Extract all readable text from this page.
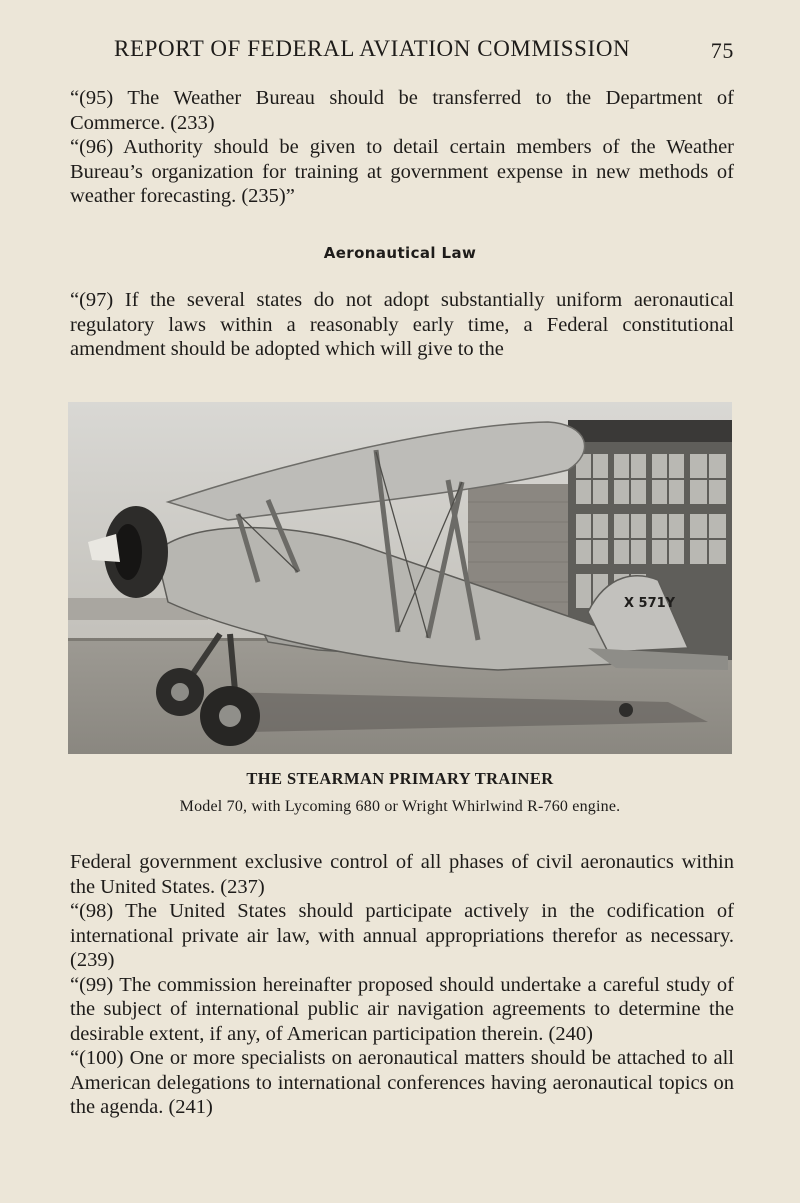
REPORT OF FEDERAL AVIATION COMMISSION	75

“(95) The Weather Bureau should be transferred to the Department of Commerce. (233)

“(96) Authority should be given to detail certain members of the Weather Bureau’s organization for training at government expense in new methods of weather forecasting. (235)”

Aeronautical Law

“(97) If the several states do not adopt substantially uniform aeronautical regulatory laws within a reasonably early time, a Federal constitutional amendment should be adopted which will give to the

X 571Y
THE STEARMAN PRIMARY TRAINER
Model 70, with Lycoming 680 or Wright Whirlwind R-760 engine.

Federal government exclusive control of all phases of civil aeronautics within the United States. (237)

“(98) The United States should participate actively in the codification of international private air law, with annual appropriations therefor as necessary. (239)

“(99) The commission hereinafter proposed should undertake a careful study of the subject of international public air navigation agreements to determine the desirable extent, if any, of American participation therein. (240)

“(100) One or more specialists on aeronautical matters should be attached to all American delegations to international conferences having aeronautical topics on the agenda. (241)
